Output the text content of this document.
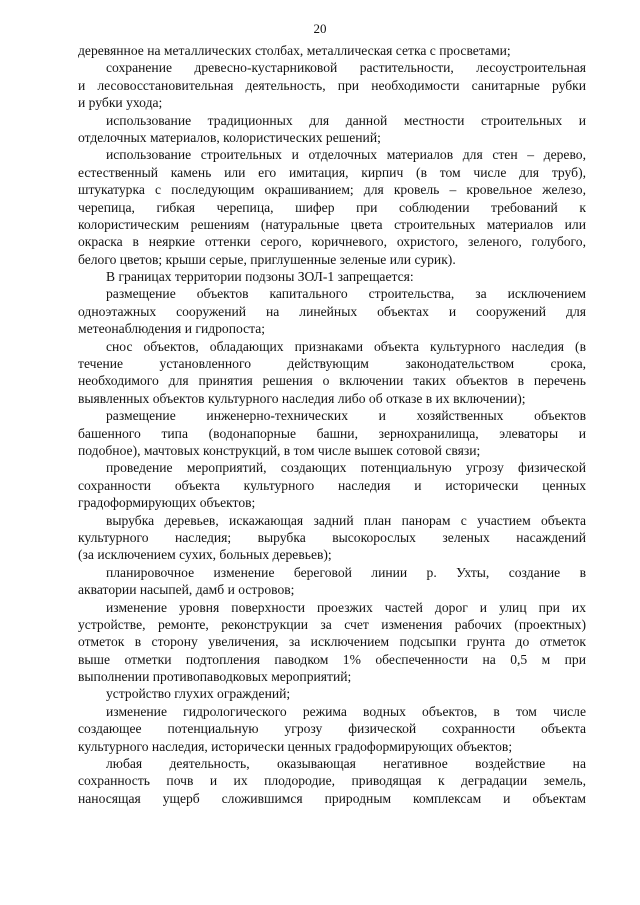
20
деревянное на металлических столбах, металлическая сетка с просветами;
сохранение древесно-кустарниковой растительности, лесоустроительная
и лесовосстановительная деятельность, при необходимости санитарные рубки
и рубки ухода;
использование традиционных для данной местности строительных и
отделочных материалов, колористических решений;
использование строительных и отделочных материалов для стен – дерево,
естественный камень или его имитация, кирпич (в том числе для труб),
штукатурка с последующим окрашиванием; для кровель – кровельное железо,
черепица, гибкая черепица, шифер при соблюдении требований к
колористическим решениям (натуральные цвета строительных материалов или
окраска в неяркие оттенки серого, коричневого, охристого, зеленого, голубого,
белого цветов; крыши серые, приглушенные зеленые или сурик).
В границах территории подзоны ЗОЛ-1 запрещается:
размещение объектов капитального строительства, за исключением
одноэтажных сооружений на линейных объектах и сооружений для
метеонаблюдения и гидропоста;
снос объектов, обладающих признаками объекта культурного наследия (в
течение установленного действующим законодательством срока,
необходимого для принятия решения о включении таких объектов в перечень
выявленных объектов культурного наследия либо об отказе в их включении);
размещение инженерно-технических и хозяйственных объектов
башенного типа (водонапорные башни, зернохранилища, элеваторы и
подобное), мачтовых конструкций, в том числе вышек сотовой связи;
проведение мероприятий, создающих потенциальную угрозу физической
сохранности объекта культурного наследия и исторически ценных
градоформирующих объектов;
вырубка деревьев, искажающая задний план панорам с участием объекта
культурного наследия; вырубка высокорослых зеленых насаждений
(за исключением сухих, больных деревьев);
планировочное изменение береговой линии р. Ухты, создание в
акватории насыпей, дамб и островов;
изменение уровня поверхности проезжих частей дорог и улиц при их
устройстве, ремонте, реконструкции за счет изменения рабочих (проектных)
отметок в сторону увеличения, за исключением подсыпки грунта до отметок
выше отметки подтопления паводком 1% обеспеченности на 0,5 м при
выполнении противопаводковых мероприятий;
устройство глухих ограждений;
изменение гидрологического режима водных объектов, в том числе
создающее потенциальную угрозу физической сохранности объекта
культурного наследия, исторически ценных градоформирующих объектов;
любая деятельность, оказывающая негативное воздействие на
сохранность почв и их плодородие, приводящая к деградации земель,
наносящая ущерб сложившимся природным комплексам и объектам
